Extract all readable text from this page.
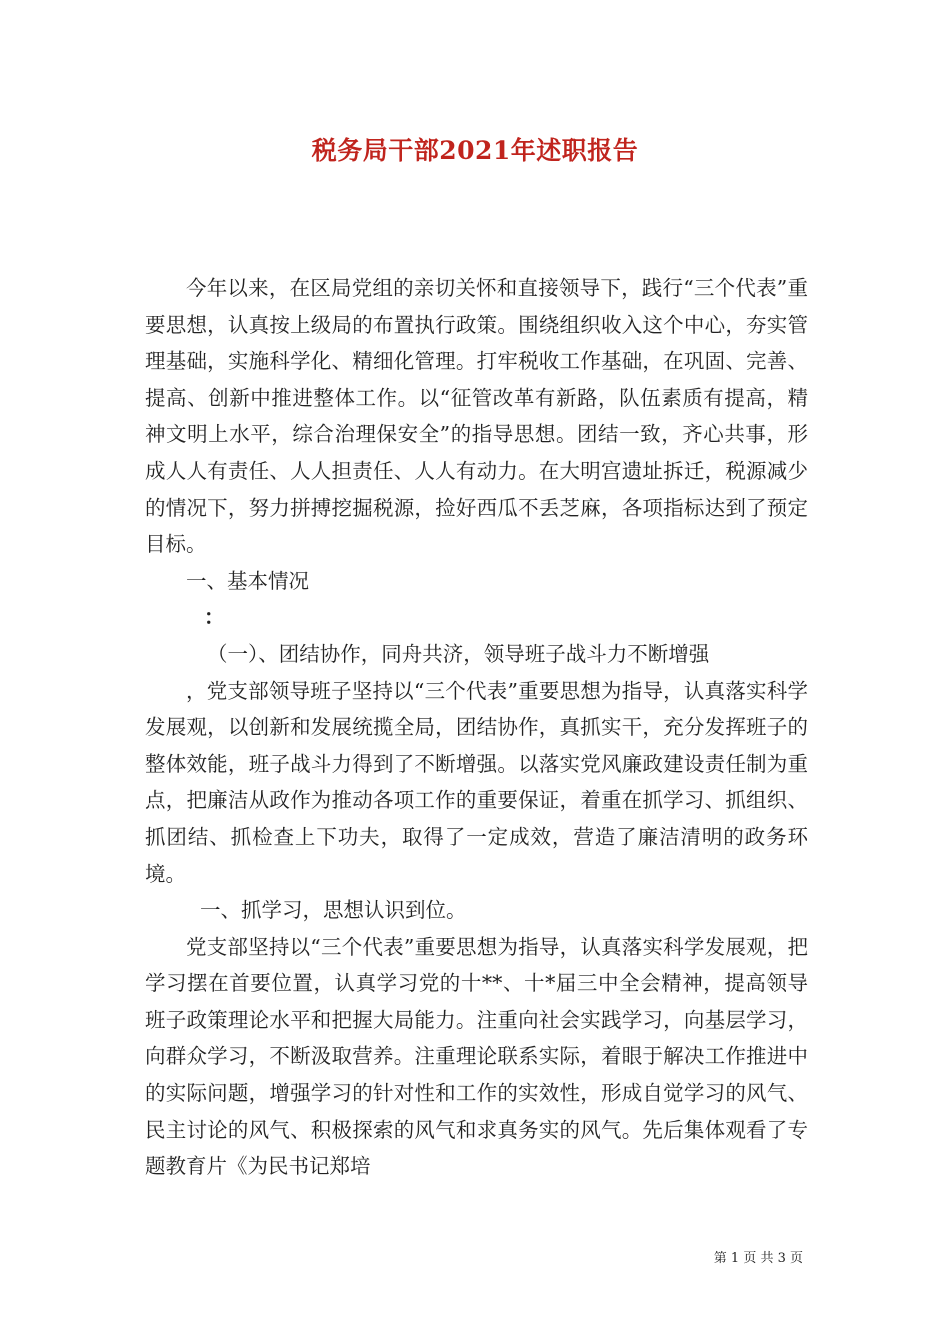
税务局干部2021年述职报告

今年以来，在区局党组的亲切关怀和直接领导下，践行“三个代表”重要思想，认真按上级局的布置执行政策。围绕组织收入这个中心，夯实管理基础，实施科学化、精细化管理。打牢税收工作基础，在巩固、完善、提高、创新中推进整体工作。以“征管改革有新路，队伍素质有提高，精神文明上水平，综合治理保安全”的指导思想。团结一致，齐心共事，形成人人有责任、人人担责任、人人有动力。在大明宫遗址拆迁，税源减少的情况下，努力拼搏挖掘税源，捡好西瓜不丢芝麻，各项指标达到了预定目标。

一、基本情况

：

（一）、团结协作，同舟共济，领导班子战斗力不断增强

，党支部领导班子坚持以“三个代表”重要思想为指导，认真落实科学发展观，以创新和发展统揽全局，团结协作，真抓实干，充分发挥班子的整体效能，班子战斗力得到了不断增强。以落实党风廉政建设责任制为重点，把廉洁从政作为推动各项工作的重要保证，着重在抓学习、抓组织、抓团结、抓检查上下功夫，取得了一定成效，营造了廉洁清明的政务环境。

一、抓学习，思想认识到位。

党支部坚持以“三个代表”重要思想为指导，认真落实科学发展观，把学习摆在首要位置，认真学习党的十**、十*届三中全会精神，提高领导班子政策理论水平和把握大局能力。注重向社会实践学习，向基层学习，向群众学习，不断汲取营养。注重理论联系实际，着眼于解决工作推进中的实际问题，增强学习的针对性和工作的实效性，形成自觉学习的风气、民主讨论的风气、积极探索的风气和求真务实的风气。先后集体观看了专题教育片《为民书记郑培

第 1 页 共 3 页
